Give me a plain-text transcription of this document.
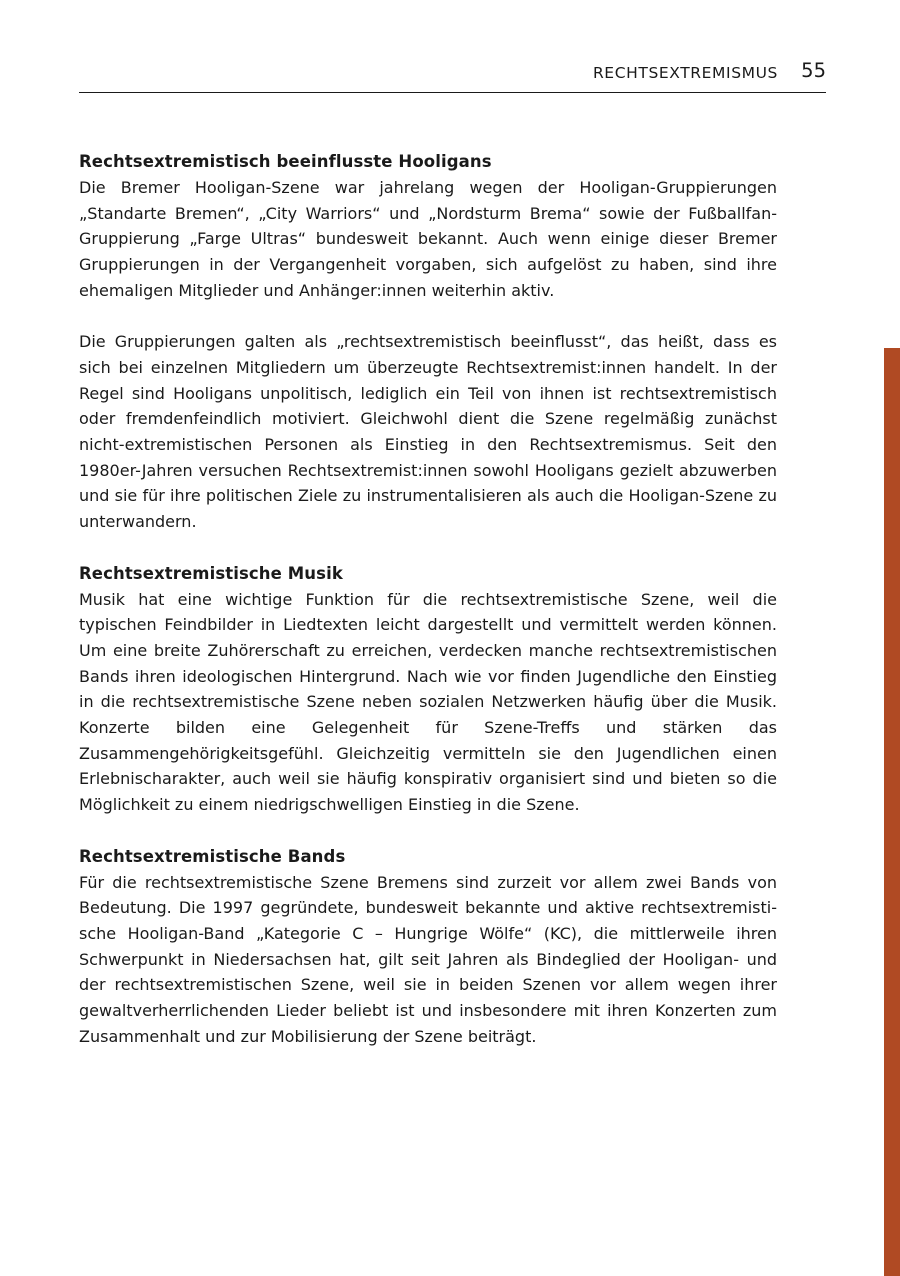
RECHTSEXTREMISMUS 55
Rechtsextremistisch beeinflusste Hooligans

Die Bremer Hooligan-Szene war jahrelang wegen der Hooligan-Gruppierungen „Standarte Bremen“, „City Warriors“ und „Nordsturm Brema“ sowie der Fußballfan-Gruppierung „Farge Ultras“ bundesweit bekannt. Auch wenn einige dieser Bremer Gruppierungen in der Vergangenheit vorgaben, sich aufgelöst zu haben, sind ihre ehemaligen Mitglieder und Anhänger:innen weiterhin aktiv.

Die Gruppierungen galten als „rechtsextremistisch beeinflusst“, das heißt, dass es sich bei einzelnen Mitgliedern um überzeugte Rechtsextremist:innen handelt. In der Regel sind Hooligans unpolitisch, lediglich ein Teil von ihnen ist rechtsextremistisch oder fremdenfeindlich motiviert. Gleichwohl dient die Szene regelmäßig zunächst nicht-extremistischen Personen als Einstieg in den Rechtsextremismus. Seit den 1980er-Jahren versuchen Rechtsextremist:innen sowohl Hooligans gezielt abzuwerben und sie für ihre politischen Ziele zu instrumentalisieren als auch die Hooligan-Szene zu unterwandern.

Rechtsextremistische Musik

Musik hat eine wichtige Funktion für die rechtsextremistische Szene, weil die typischen Feindbilder in Liedtexten leicht dargestellt und vermittelt werden können. Um eine breite Zuhörerschaft zu erreichen, verdecken manche rechtsextremistischen Bands ihren ideologischen Hintergrund. Nach wie vor finden Jugendliche den Einstieg in die rechtsextremistische Szene neben sozialen Netzwerken häufig über die Musik. Konzerte bilden eine Gelegenheit für Szene-Treffs und stärken das Zusammengehörigkeitsgefühl. Gleichzeitig vermitteln sie den Jugendlichen einen Erlebnischarakter, auch weil sie häufig konspirativ organisiert sind und bieten so die Möglichkeit zu einem niedrigschwelligen Einstieg in die Szene.

Rechtsextremistische Bands

Für die rechtsextremistische Szene Bremens sind zurzeit vor allem zwei Bands von Bedeutung. Die 1997 gegründete, bundesweit bekannte und aktive rechtsextremistische Hooligan-Band „Kategorie C – Hungrige Wölfe“ (KC), die mittlerweile ihren Schwerpunkt in Niedersachsen hat, gilt seit Jahren als Bindeglied der Hooligan- und der rechtsextremistischen Szene, weil sie in beiden Szenen vor allem wegen ihrer gewaltverherrlichenden Lieder beliebt ist und insbesondere mit ihren Konzerten zum Zusammenhalt und zur Mobilisierung der Szene beiträgt.
